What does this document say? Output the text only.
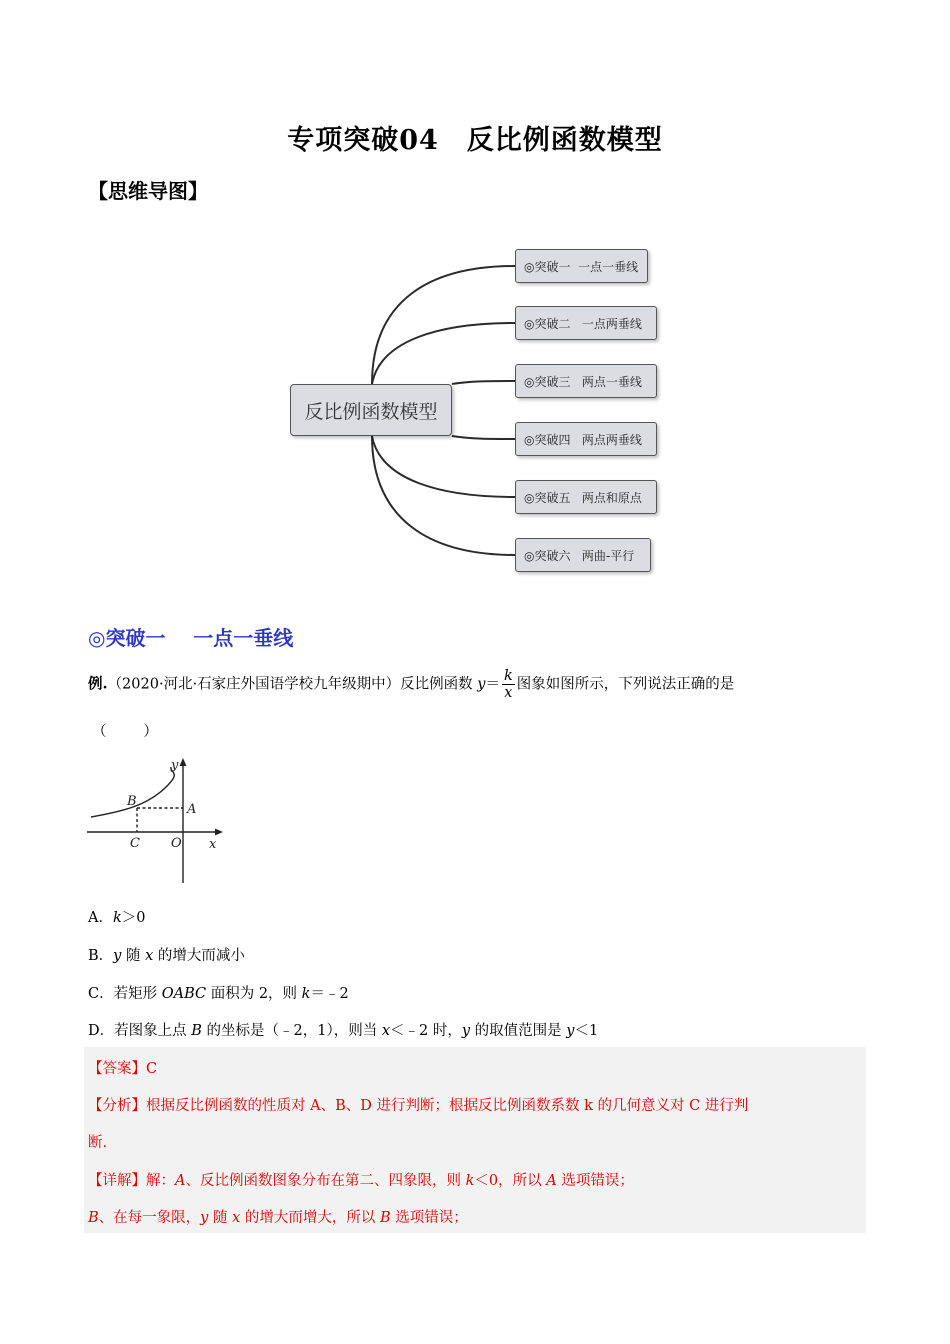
专项突破04 反比例函数模型
【思维导图】
反比例函数模型
◎突破一  一点一垂线
◎突破二   一点两垂线
◎突破三   两点一垂线
◎突破四   两点两垂线
◎突破五   两点和原点
◎突破六   两曲-平行
◎突破一    一点一垂线
例.（2020·河北·石家庄外国语学校九年级期中）反比例函数 $y= \frac{k}{x}$ 图象如图所示，下列说法正确的是
（        ）
y
x
B
A
C O
A．k＞0
B．y 随 x 的增大而减小
C．若矩形 OABC 面积为 2，则 k＝﹣2
D．若图象上点 B 的坐标是（﹣2，1），则当 x＜﹣2 时，y 的取值范围是 y＜1
【答案】C
【分析】根据反比例函数的性质对 A、B、D 进行判断；根据反比例函数系数 k 的几何意义对 C 进行判
断.
【详解】解：A、反比例函数图象分布在第二、四象限，则 k＜0，所以 A 选项错误；
B、在每一象限，y 随 x 的增大而增大，所以 B 选项错误；
